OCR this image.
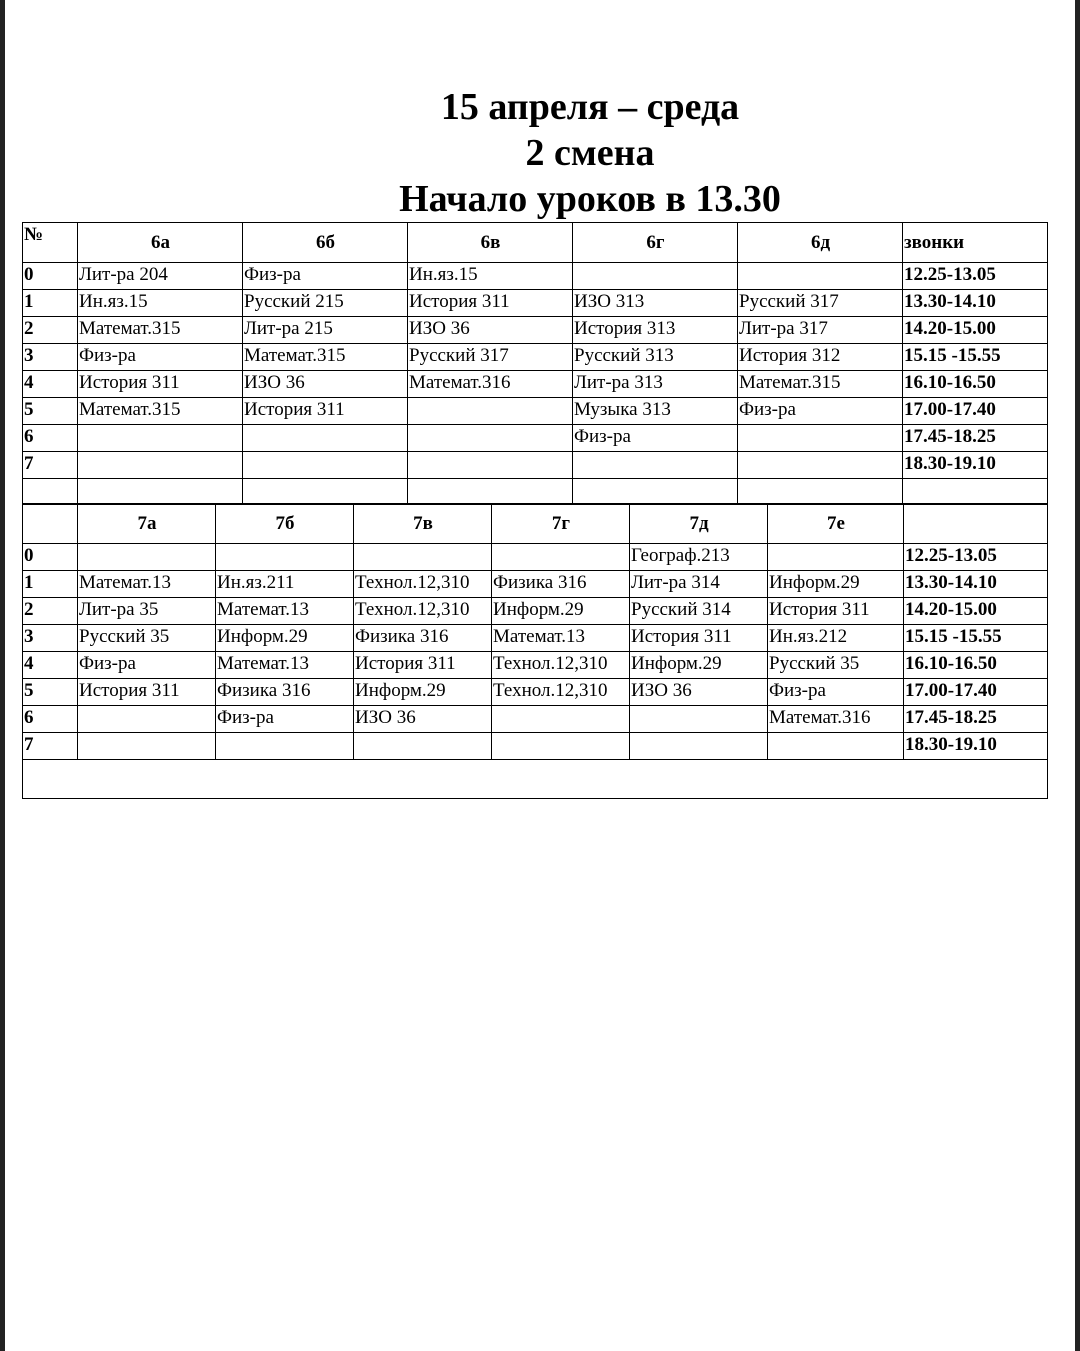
15 апреля – среда
2 смена
Начало уроков в 13.30
№	6а	6б	6в	6г	6д	звонки
0	Лит-ра 204	Физ-ра	Ин.яз.15			12.25-13.05
1	Ин.яз.15	Русский 215	История 311	ИЗО 313	Русский 317	13.30-14.10
2	Математ.315	Лит-ра 215	ИЗО 36	История 313	Лит-ра 317	14.20-15.00
3	Физ-ра	Математ.315	Русский 317	Русский 313	История 312	15.15 -15.55
4	История 311	ИЗО 36	Математ.316	Лит-ра 313	Математ.315	16.10-16.50
5	Математ.315	История 311		Музыка 313	Физ-ра	17.00-17.40
6				Физ-ра		17.45-18.25
7						18.30-19.10

	7а	7б	7в	7г	7д	7е	
0					Географ.213		12.25-13.05
1	Математ.13	Ин.яз.211	Технол.12,310	Физика 316	Лит-ра 314	Информ.29	13.30-14.10
2	Лит-ра 35	Математ.13	Технол.12,310	Информ.29	Русский 314	История 311	14.20-15.00
3	Русский 35	Информ.29	Физика 316	Математ.13	История 311	Ин.яз.212	15.15 -15.55
4	Физ-ра	Математ.13	История 311	Технол.12,310	Информ.29	Русский 35	16.10-16.50
5	История 311	Физика 316	Информ.29	Технол.12,310	ИЗО 36	Физ-ра	17.00-17.40
6		Физ-ра	ИЗО 36			Математ.316	17.45-18.25
7							18.30-19.10
